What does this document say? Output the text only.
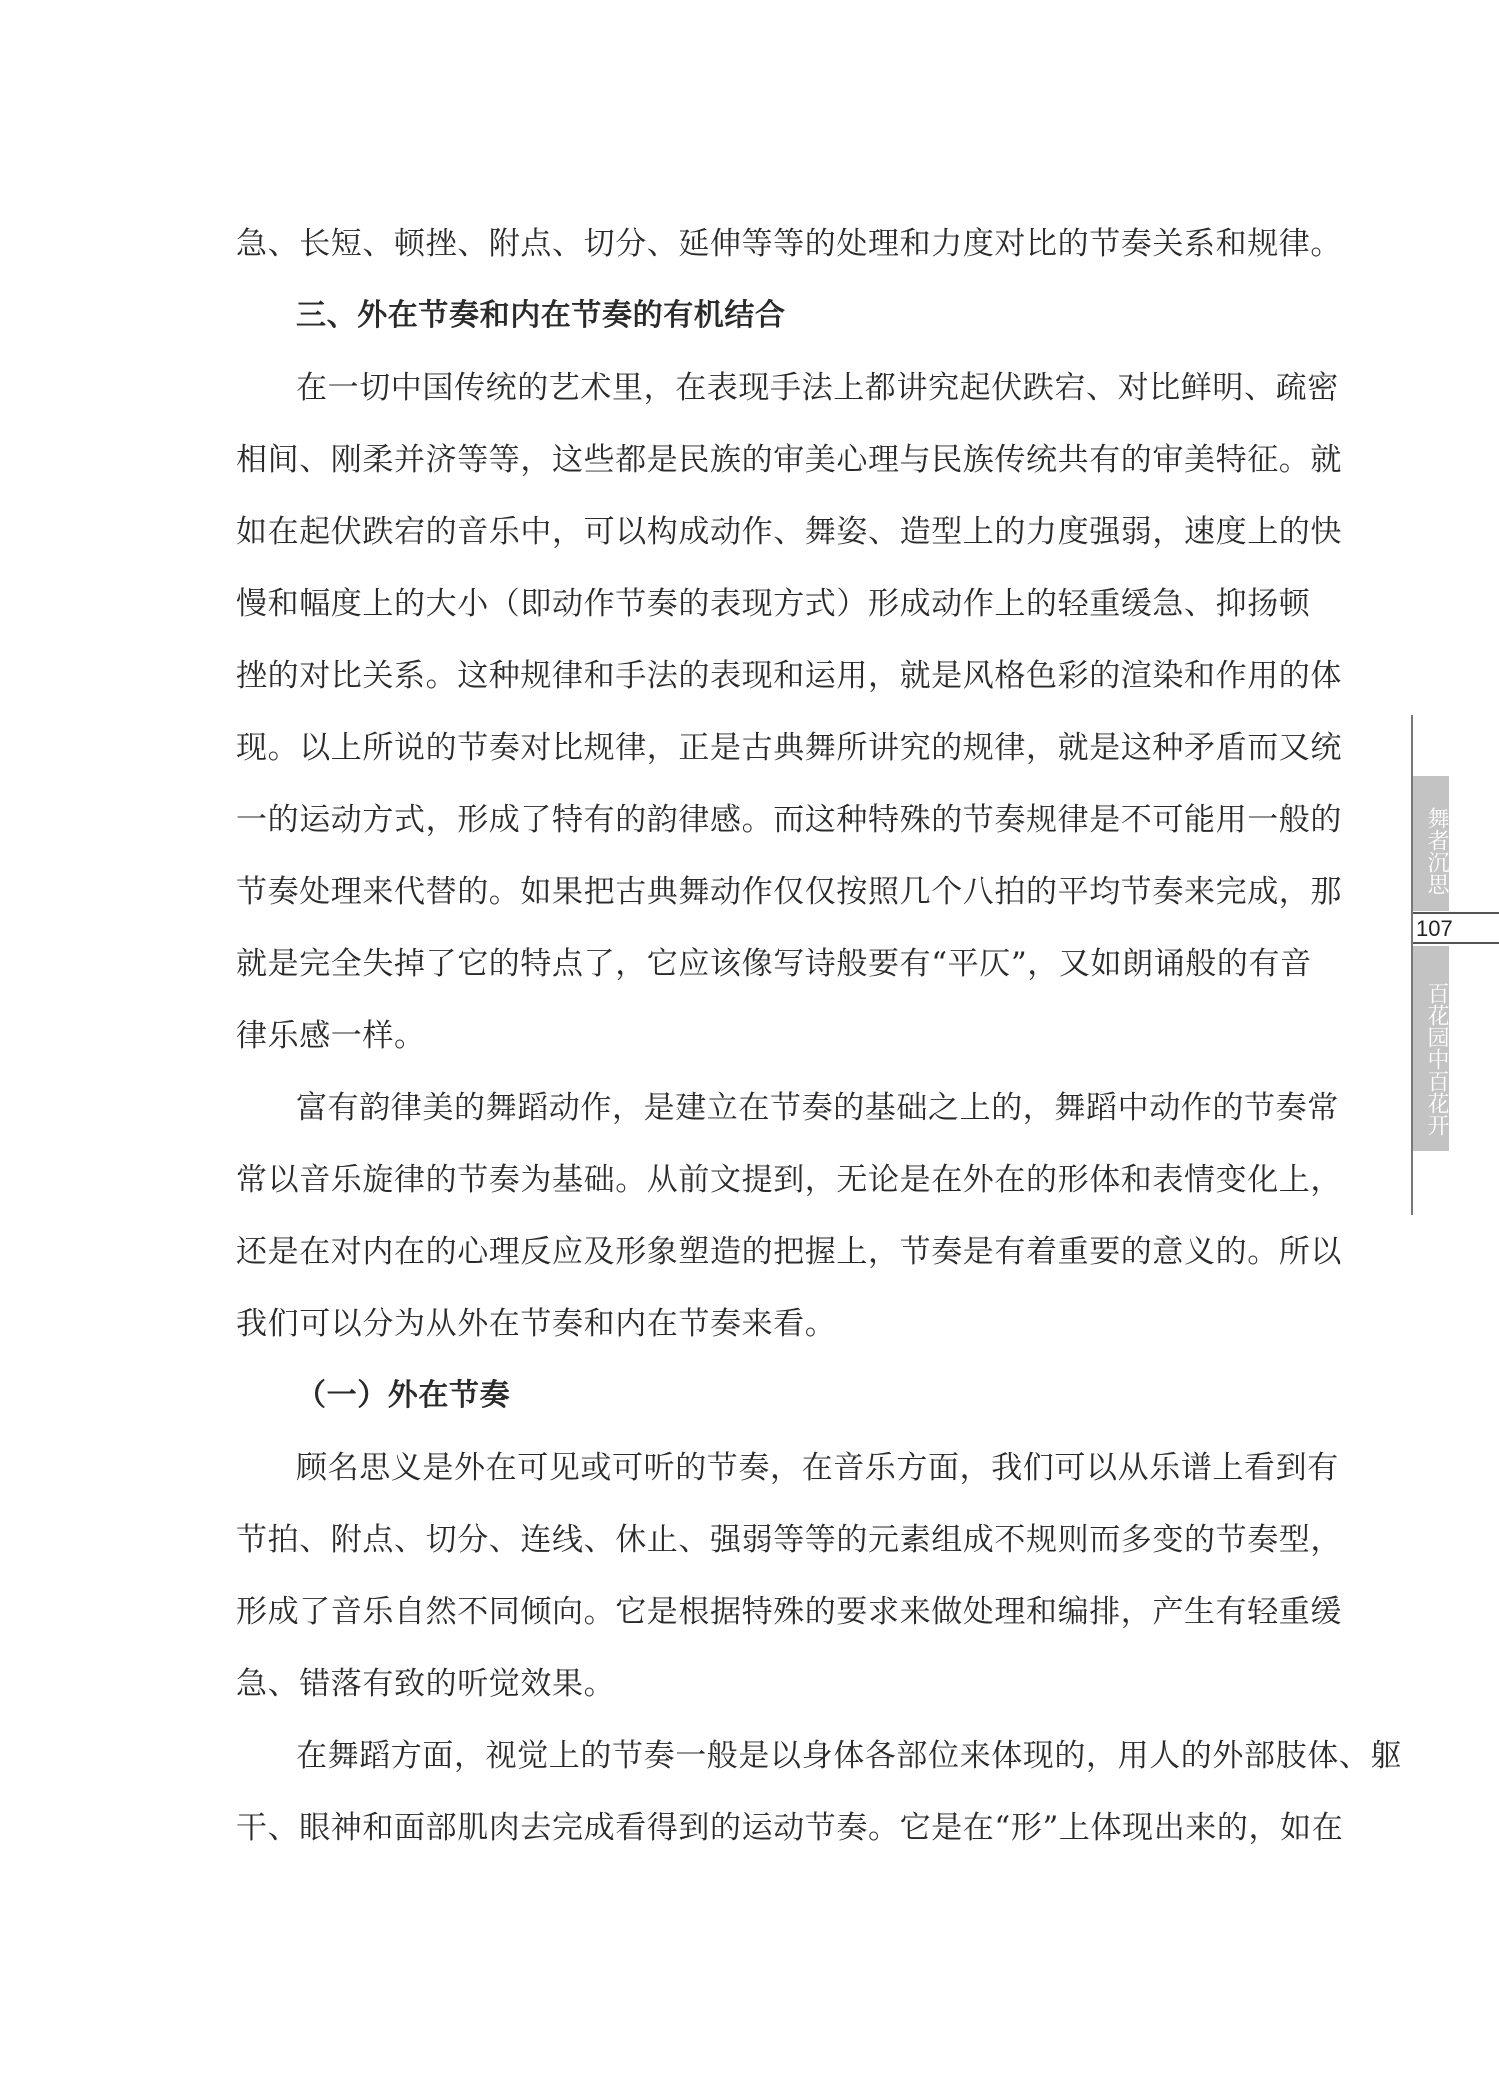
急、长短、顿挫、附点、切分、延伸等等的处理和力度对比的节奏关系和规律。

三、外在节奏和内在节奏的有机结合

在一切中国传统的艺术里，在表现手法上都讲究起伏跌宕、对比鲜明、疏密
相间、刚柔并济等等，这些都是民族的审美心理与民族传统共有的审美特征。就
如在起伏跌宕的音乐中，可以构成动作、舞姿、造型上的力度强弱，速度上的快
慢和幅度上的大小（即动作节奏的表现方式）形成动作上的轻重缓急、抑扬顿
挫的对比关系。这种规律和手法的表现和运用，就是风格色彩的渲染和作用的体
现。以上所说的节奏对比规律，正是古典舞所讲究的规律，就是这种矛盾而又统
一的运动方式，形成了特有的韵律感。而这种特殊的节奏规律是不可能用一般的
节奏处理来代替的。如果把古典舞动作仅仅按照几个八拍的平均节奏来完成，那
就是完全失掉了它的特点了，它应该像写诗般要有“平仄”，又如朗诵般的有音
律乐感一样。

富有韵律美的舞蹈动作，是建立在节奏的基础之上的，舞蹈中动作的节奏常
常以音乐旋律的节奏为基础。从前文提到，无论是在外在的形体和表情变化上，
还是在对内在的心理反应及形象塑造的把握上，节奏是有着重要的意义的。所以
我们可以分为从外在节奏和内在节奏来看。

（一）外在节奏

顾名思义是外在可见或可听的节奏，在音乐方面，我们可以从乐谱上看到有
节拍、附点、切分、连线、休止、强弱等等的元素组成不规则而多变的节奏型，
形成了音乐自然不同倾向。它是根据特殊的要求来做处理和编排，产生有轻重缓
急、错落有致的听觉效果。

在舞蹈方面，视觉上的节奏一般是以身体各部位来体现的，用人的外部肢体、躯
干、眼神和面部肌肉去完成看得到的运动节奏。它是在“形”上体现出来的，如在

舞者沉思
107
百花园中百花开
